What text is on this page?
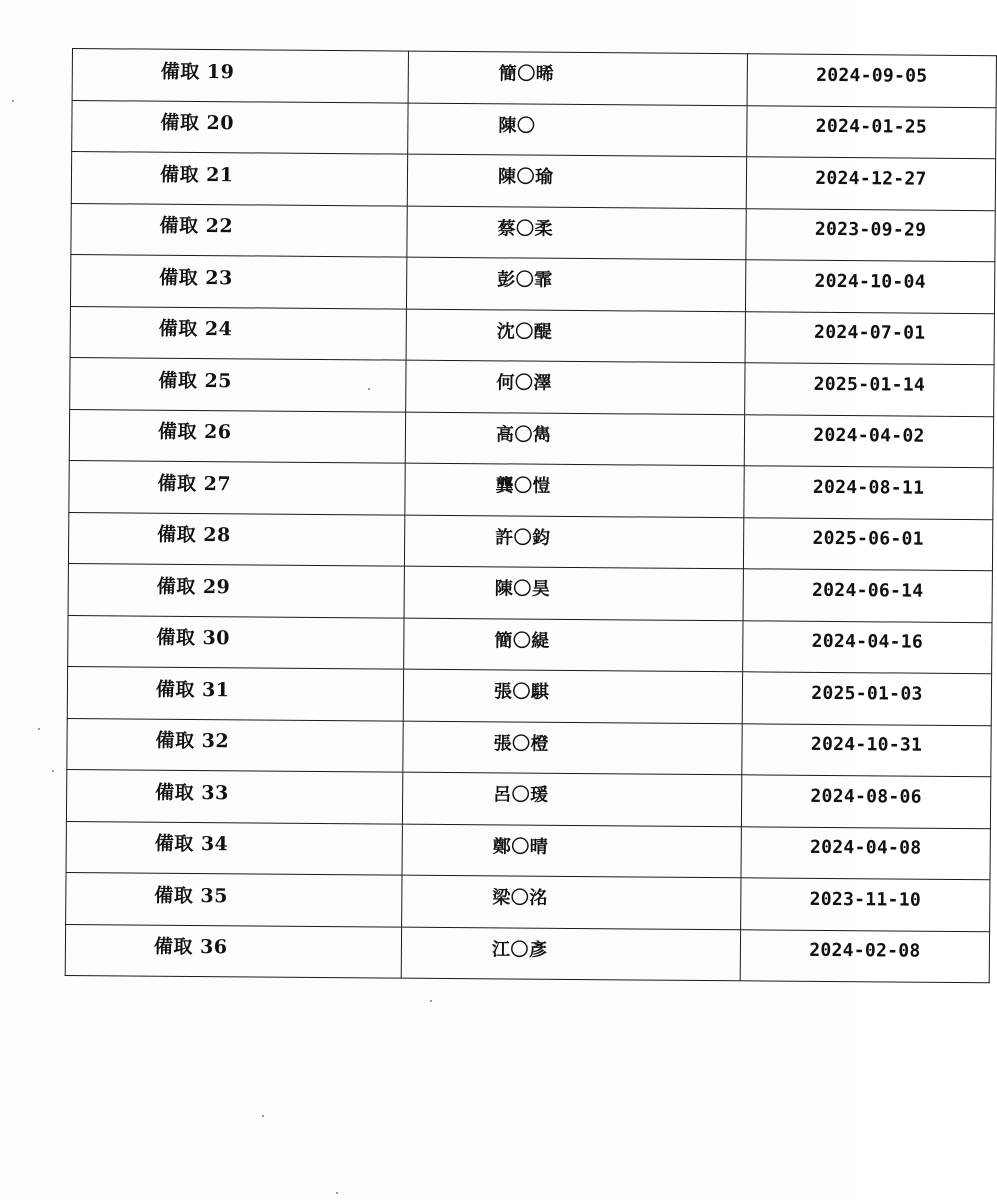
備取 19	簡〇晞	2024-09-05
備取 20	陳〇	2024-01-25
備取 21	陳〇瑜	2024-12-27
備取 22	蔡〇柔	2023-09-29
備取 23	彭〇霏	2024-10-04
備取 24	沈〇醍	2024-07-01
備取 25	何〇澤	2025-01-14
備取 26	高〇雋	2024-04-02
備取 27	龔〇愷	2024-08-11
備取 28	許〇鈞	2025-06-01
備取 29	陳〇昊	2024-06-14
備取 30	簡〇緹	2024-04-16
備取 31	張〇騏	2025-01-03
備取 32	張〇橙	2024-10-31
備取 33	呂〇瑗	2024-08-06
備取 34	鄭〇晴	2024-04-08
備取 35	梁〇洺	2023-11-10
備取 36	江〇彥	2024-02-08
